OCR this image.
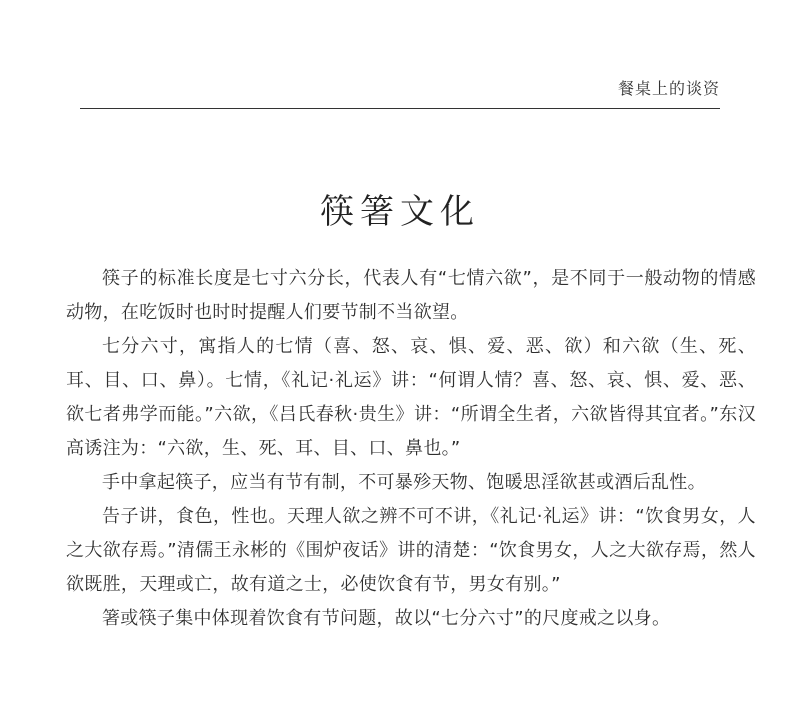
餐桌上的谈资
筷箸文化

筷子的标准长度是七寸六分长，代表人有“七情六欲”，是不同于一般动物的情感动物，在吃饭时也时时提醒人们要节制不当欲望。

七分六寸，寓指人的七情（喜、怒、哀、惧、爱、恶、欲）和六欲（生、死、耳、目、口、鼻）。七情，《礼记·礼运》讲：“何谓人情？喜、怒、哀、惧、爱、恶、欲七者弗学而能。”六欲，《吕氏春秋·贵生》讲：“所谓全生者，六欲皆得其宜者。”东汉高诱注为：“六欲，生、死、耳、目、口、鼻也。”

手中拿起筷子，应当有节有制，不可暴殄天物、饱暖思淫欲甚或酒后乱性。

告子讲，食色，性也。天理人欲之辨不可不讲，《礼记·礼运》讲：“饮食男女，人之大欲存焉。”清儒王永彬的《围炉夜话》讲的清楚：“饮食男女，人之大欲存焉，然人欲既胜，天理或亡，故有道之士，必使饮食有节，男女有别。”

箸或筷子集中体现着饮食有节问题，故以“七分六寸”的尺度戒之以身。
